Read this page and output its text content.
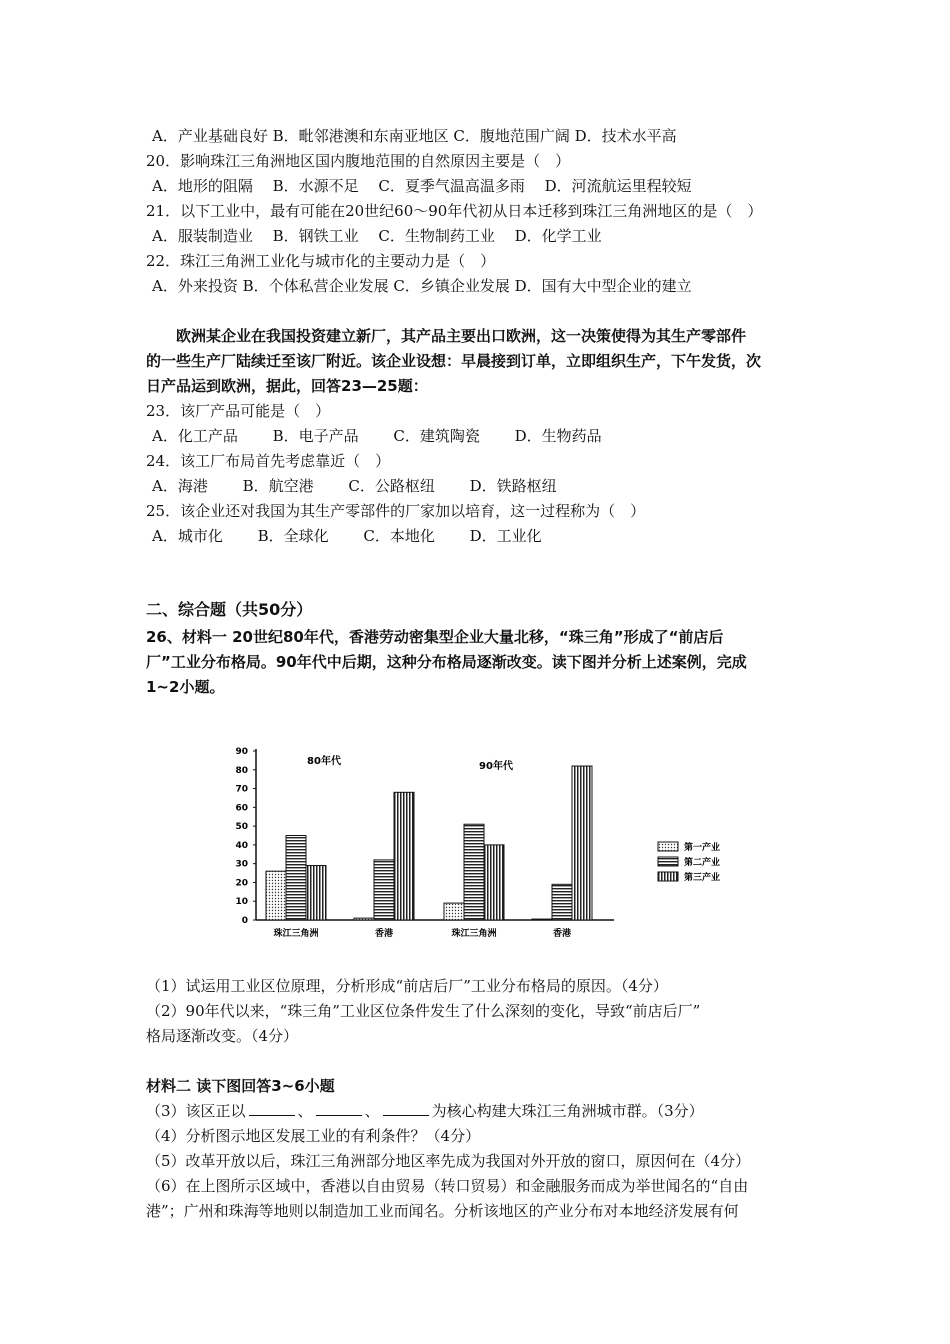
A．产业基础良好 B．毗邻港澳和东南亚地区 C．腹地范围广阔 D．技术水平高
20．影响珠江三角洲地区国内腹地范围的自然原因主要是（　）
A．地形的阻隔　 B．水源不足　 C．夏季气温高温多雨　 D．河流航运里程较短
21．以下工业中，最有可能在20世纪60～90年代初从日本迁移到珠江三角洲地区的是（　）
A．服装制造业　 B．钢铁工业　 C．生物制药工业　 D．化学工业
22．珠江三角洲工业化与城市化的主要动力是（　）
A．外来投资 B．个体私营企业发展 C．乡镇企业发展 D．国有大中型企业的建立
　　欧洲某企业在我国投资建立新厂，其产品主要出口欧洲，这一决策使得为其生产零部件
的一些生产厂陆续迁至该厂附近。该企业设想：早晨接到订单，立即组织生产，下午发货，次
日产品运到欧洲，据此，回答23—25题：
23．该厂产品可能是（　）
A．化工产品　　 B．电子产品　　 C．建筑陶瓷　　 D．生物药品
24．该工厂布局首先考虑靠近（　）
A．海港　　 B．航空港　　 C．公路枢纽　　 D．铁路枢纽
25．该企业还对我国为其生产零部件的厂家加以培育，这一过程称为（　）
A．城市化　　 B．全球化　　 C．本地化　　 D．工业化
二、综合题（共50分）
26、材料一 20世纪80年代，香港劳动密集型企业大量北移，“珠三角”形成了“前店后
厂”工业分布格局。90年代中后期，这种分布格局逐渐改变。读下图并分析上述案例，完成
1~2小题。
0
10
20
30
40
50
60
70
80
90
珠江三角洲	香港	珠江三角洲	香港
80年代	90年代
第一产业
第二产业
第三产业
（1）试运用工业区位原理，分析形成“前店后厂”工业分布格局的原因。（4分）
（2）90年代以来，“珠三角”工业区位条件发生了什么深刻的变化，导致“前店后厂”
格局逐渐改变。（4分）
材料二 读下图回答3~6小题
（3）该区正以	、	、	为核心构建大珠江三角洲城市群。（3分）
（4）分析图示地区发展工业的有利条件？（4分）
（5）改革开放以后，珠江三角洲部分地区率先成为我国对外开放的窗口，原因何在（4分）
（6）在上图所示区域中，香港以自由贸易（转口贸易）和金融服务而成为举世闻名的“自由
港”；广州和珠海等地则以制造加工业而闻名。分析该地区的产业分布对本地经济发展有何
